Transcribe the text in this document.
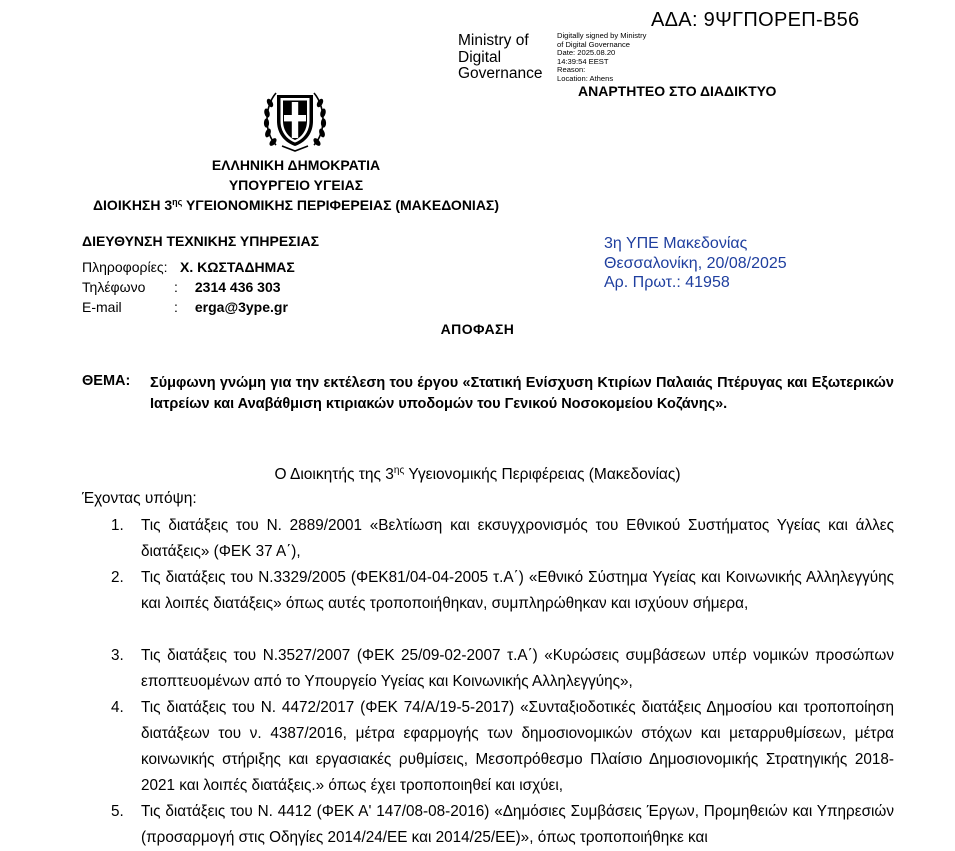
ΑΔΑ: 9ΨΓΠΟΡΕΠ-Β56
Ministry of Digital Governance
Digitally signed by Ministry
of Digital Governance
Date: 2025.08.20
14:39:54 EEST
Reason:
Location: Athens
ΑΝΑΡΤΗΤΕΟ ΣΤΟ ΔΙΑΔΙΚΤΥΟ
ΕΛΛΗΝΙΚΗ ΔΗΜΟΚΡΑΤΙΑ
ΥΠΟΥΡΓΕΙΟ ΥΓΕΙΑΣ
ΔΙΟΙΚΗΣΗ $3^{\eta\varsigma}$ ΥΓΕΙΟΝΟΜΙΚΗΣ ΠΕΡΙΦΕΡΕΙΑΣ (ΜΑΚΕΔΟΝΙΑΣ)
ΔΙΕΥΘΥΝΣΗ ΤΕΧΝΙΚΗΣ ΥΠΗΡΕΣΙΑΣ
Πληροφορίες: Χ. ΚΩΣΤΑΔΗΜΑΣ
Τηλέφωνο : 2314 436 303
E-mail	: erga@3ype.gr
3η ΥΠΕ Μακεδονίας
Θεσσαλονίκη, 20/08/2025
Αρ. Πρωτ.: 41958
ΑΠΟΦΑΣΗ
ΘΕΜΑ: Σύμφωνη γνώμη για την εκτέλεση του έργου «Στατική Ενίσχυση Κτιρίων Παλαιάς Πτέρυγας και Εξωτερικών Ιατρείων και Αναβάθμιση κτιριακών υποδομών του Γενικού Νοσοκομείου Κοζάνης».
Ο Διοικητής της $3^{\eta\varsigma}$ Υγειονομικής Περιφέρειας (Μακεδονίας)
Έχοντας υπόψη:
1. Τις διατάξεις του Ν. 2889/2001 «Βελτίωση και εκσυγχρονισμός του Εθνικού Συστήματος Υγείας και άλλες διατάξεις» (ΦΕΚ 37 Α΄),
2. Τις διατάξεις του Ν.3329/2005 (ΦΕΚ81/04-04-2005 τ.Α΄) «Εθνικό Σύστημα Υγείας και Κοινωνικής Αλληλεγγύης και λοιπές διατάξεις» όπως αυτές τροποποιήθηκαν, συμπληρώθηκαν και ισχύουν σήμερα,
3. Τις διατάξεις του Ν.3527/2007 (ΦΕΚ 25/09-02-2007 τ.Α΄) «Κυρώσεις συμβάσεων υπέρ νομικών προσώπων εποπτευομένων από το Υπουργείο Υγείας και Κοινωνικής Αλληλεγγύης»,
4. Τις διατάξεις του Ν. 4472/2017 (ΦΕΚ 74/Α/19-5-2017) «Συνταξιοδοτικές διατάξεις Δημοσίου και τροποποίηση διατάξεων του ν. 4387/2016, μέτρα εφαρμογής των δημοσιονομικών στόχων και μεταρρυθμίσεων, μέτρα κοινωνικής στήριξης και εργασιακές ρυθμίσεις, Μεσοπρόθεσμο Πλαίσιο Δημοσιονομικής Στρατηγικής 2018-2021 και λοιπές διατάξεις.» όπως έχει τροποποιηθεί και ισχύει,
5. Τις διατάξεις του Ν. 4412 (ΦΕΚ Α' 147/08-08-2016) «Δημόσιες Συμβάσεις Έργων, Προμηθειών και Υπηρεσιών (προσαρμογή στις Οδηγίες 2014/24/ΕΕ και 2014/25/ΕΕ)», όπως τροποποιήθηκε και
